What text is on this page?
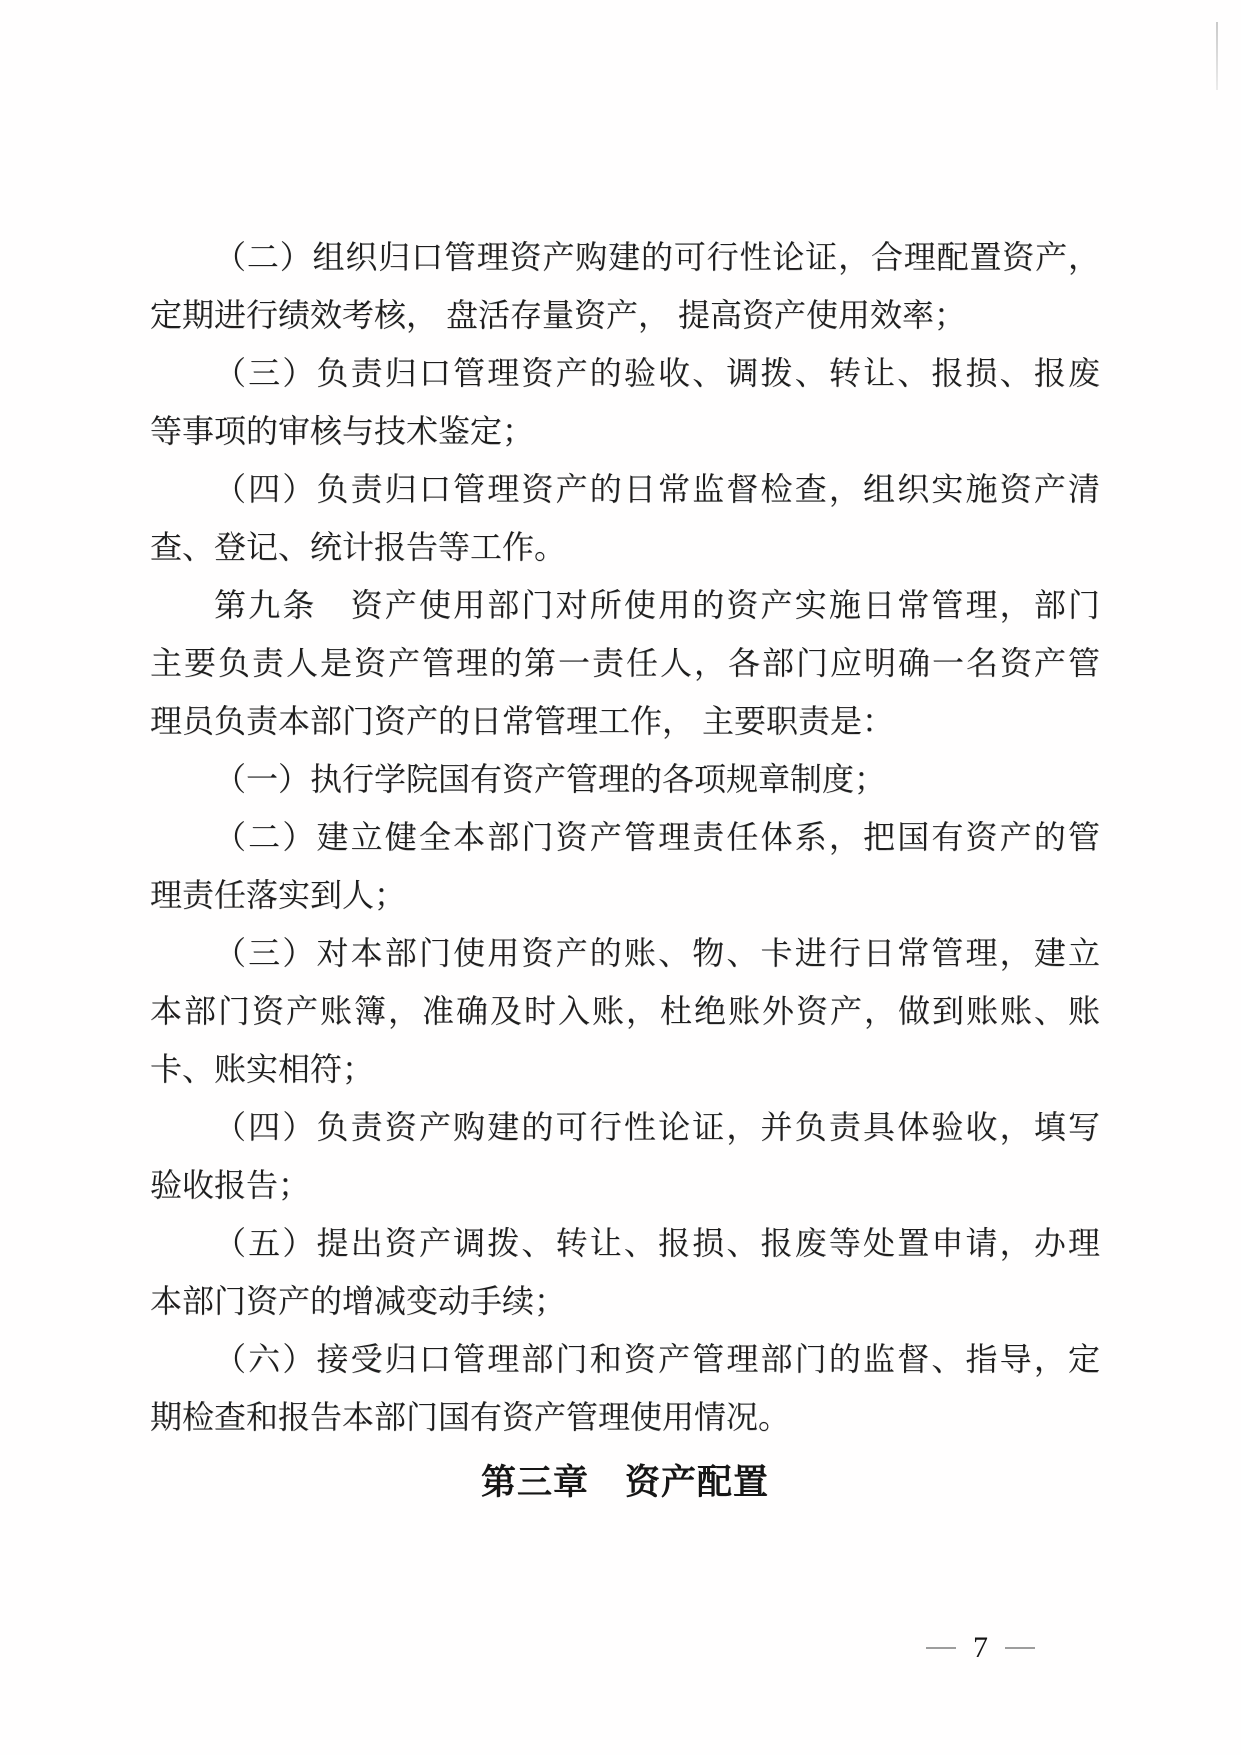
（二）组织归口管理资产购建的可行性论证，合理配置资产，
定期进行绩效考核， 盘活存量资产， 提高资产使用效率；
（三）负责归口管理资产的验收、调拨、转让、报损、报废
等事项的审核与技术鉴定；
（四）负责归口管理资产的日常监督检查，组织实施资产清
查、登记、统计报告等工作。
第九条　资产使用部门对所使用的资产实施日常管理，部门
主要负责人是资产管理的第一责任人，各部门应明确一名资产管
理员负责本部门资产的日常管理工作， 主要职责是：
（一）执行学院国有资产管理的各项规章制度；
（二）建立健全本部门资产管理责任体系，把国有资产的管
理责任落实到人；
（三）对本部门使用资产的账、物、卡进行日常管理，建立
本部门资产账簿，准确及时入账，杜绝账外资产，做到账账、账
卡、账实相符；
（四）负责资产购建的可行性论证，并负责具体验收，填写
验收报告；
（五）提出资产调拨、转让、报损、报废等处置申请，办理
本部门资产的增减变动手续；
（六）接受归口管理部门和资产管理部门的监督、指导，定
期检查和报告本部门国有资产管理使用情况。
第三章　资产配置
7
